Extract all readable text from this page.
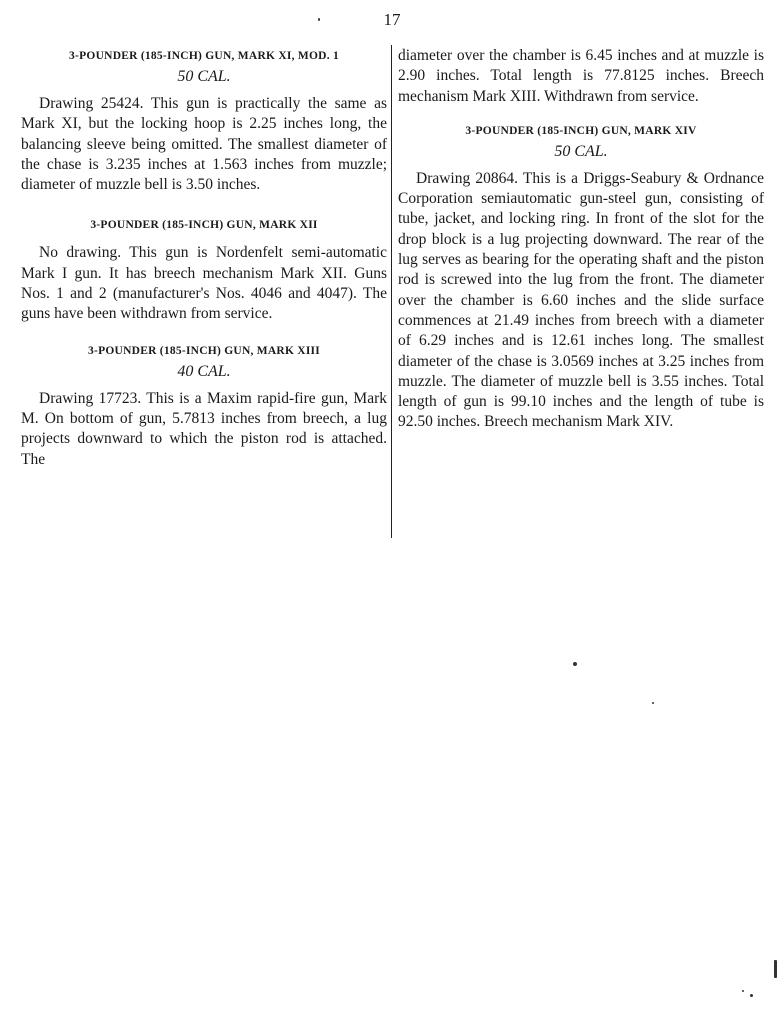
17

3-POUNDER (185-INCH) GUN, MARK XI, MOD. 1

50 CAL.

Drawing 25424. This gun is practically the same as Mark XI, but the locking hoop is 2.25 inches long, the balancing sleeve being omitted. The smallest diameter of the chase is 3.235 inches at 1.563 inches from muzzle; diameter of muzzle bell is 3.50 inches.

3-POUNDER (185-INCH) GUN, MARK XII

No drawing. This gun is Nordenfelt semi-automatic Mark I gun. It has breech mechanism Mark XII. Guns Nos. 1 and 2 (manufacturer's Nos. 4046 and 4047). The guns have been withdrawn from service.

3-POUNDER (185-INCH) GUN, MARK XIII

40 CAL.

Drawing 17723. This is a Maxim rapid-fire gun, Mark M. On bottom of gun, 5.7813 inches from breech, a lug projects downward to which the piston rod is attached. The

diameter over the chamber is 6.45 inches and at muzzle is 2.90 inches. Total length is 77.8125 inches. Breech mechanism Mark XIII. Withdrawn from service.

3-POUNDER (185-INCH) GUN, MARK XIV

50 CAL.

Drawing 20864. This is a Driggs-Seabury & Ordnance Corporation semiautomatic gun-steel gun, consisting of tube, jacket, and locking ring. In front of the slot for the drop block is a lug projecting downward. The rear of the lug serves as bearing for the operating shaft and the piston rod is screwed into the lug from the front. The diameter over the chamber is 6.60 inches and the slide surface commences at 21.49 inches from breech with a diameter of 6.29 inches and is 12.61 inches long. The smallest diameter of the chase is 3.0569 inches at 3.25 inches from muzzle. The diameter of muzzle bell is 3.55 inches. Total length of gun is 99.10 inches and the length of tube is 92.50 inches. Breech mechanism Mark XIV.
